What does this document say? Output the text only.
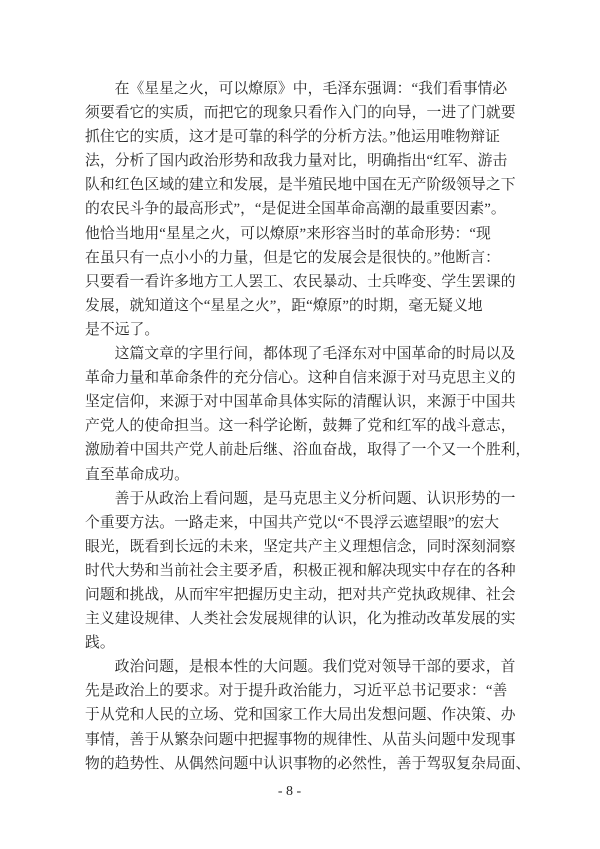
在《星星之火，可以燎原》中，毛泽东强调：“我们看事情必
须要看它的实质，而把它的现象只看作入门的向导，一进了门就要
抓住它的实质，这才是可靠的科学的分析方法。”他运用唯物辩证
法，分析了国内政治形势和敌我力量对比，明确指出“红军、游击
队和红色区域的建立和发展，是半殖民地中国在无产阶级领导之下
的农民斗争的最高形式”，“是促进全国革命高潮的最重要因素”。
他恰当地用“星星之火，可以燎原”来形容当时的革命形势：“现
在虽只有一点小小的力量，但是它的发展会是很快的。”他断言：
只要看一看许多地方工人罢工、农民暴动、士兵哗变、学生罢课的
发展，就知道这个“星星之火”，距“燎原”的时期，毫无疑义地
是不远了。
这篇文章的字里行间，都体现了毛泽东对中国革命的时局以及
革命力量和革命条件的充分信心。这种自信来源于对马克思主义的
坚定信仰，来源于对中国革命具体实际的清醒认识，来源于中国共
产党人的使命担当。这一科学论断，鼓舞了党和红军的战斗意志，
激励着中国共产党人前赴后继、浴血奋战，取得了一个又一个胜利，
直至革命成功。
善于从政治上看问题，是马克思主义分析问题、认识形势的一
个重要方法。一路走来，中国共产党以“不畏浮云遮望眼”的宏大
眼光，既看到长远的未来，坚定共产主义理想信念，同时深刻洞察
时代大势和当前社会主要矛盾，积极正视和解决现实中存在的各种
问题和挑战，从而牢牢把握历史主动，把对共产党执政规律、社会
主义建设规律、人类社会发展规律的认识，化为推动改革发展的实
践。
政治问题，是根本性的大问题。我们党对领导干部的要求，首
先是政治上的要求。对于提升政治能力，习近平总书记要求：“善
于从党和人民的立场、党和国家工作大局出发想问题、作决策、办
事情，善于从繁杂问题中把握事物的规律性、从苗头问题中发现事
物的趋势性、从偶然问题中认识事物的必然性，善于驾驭复杂局面、
- 8 -
